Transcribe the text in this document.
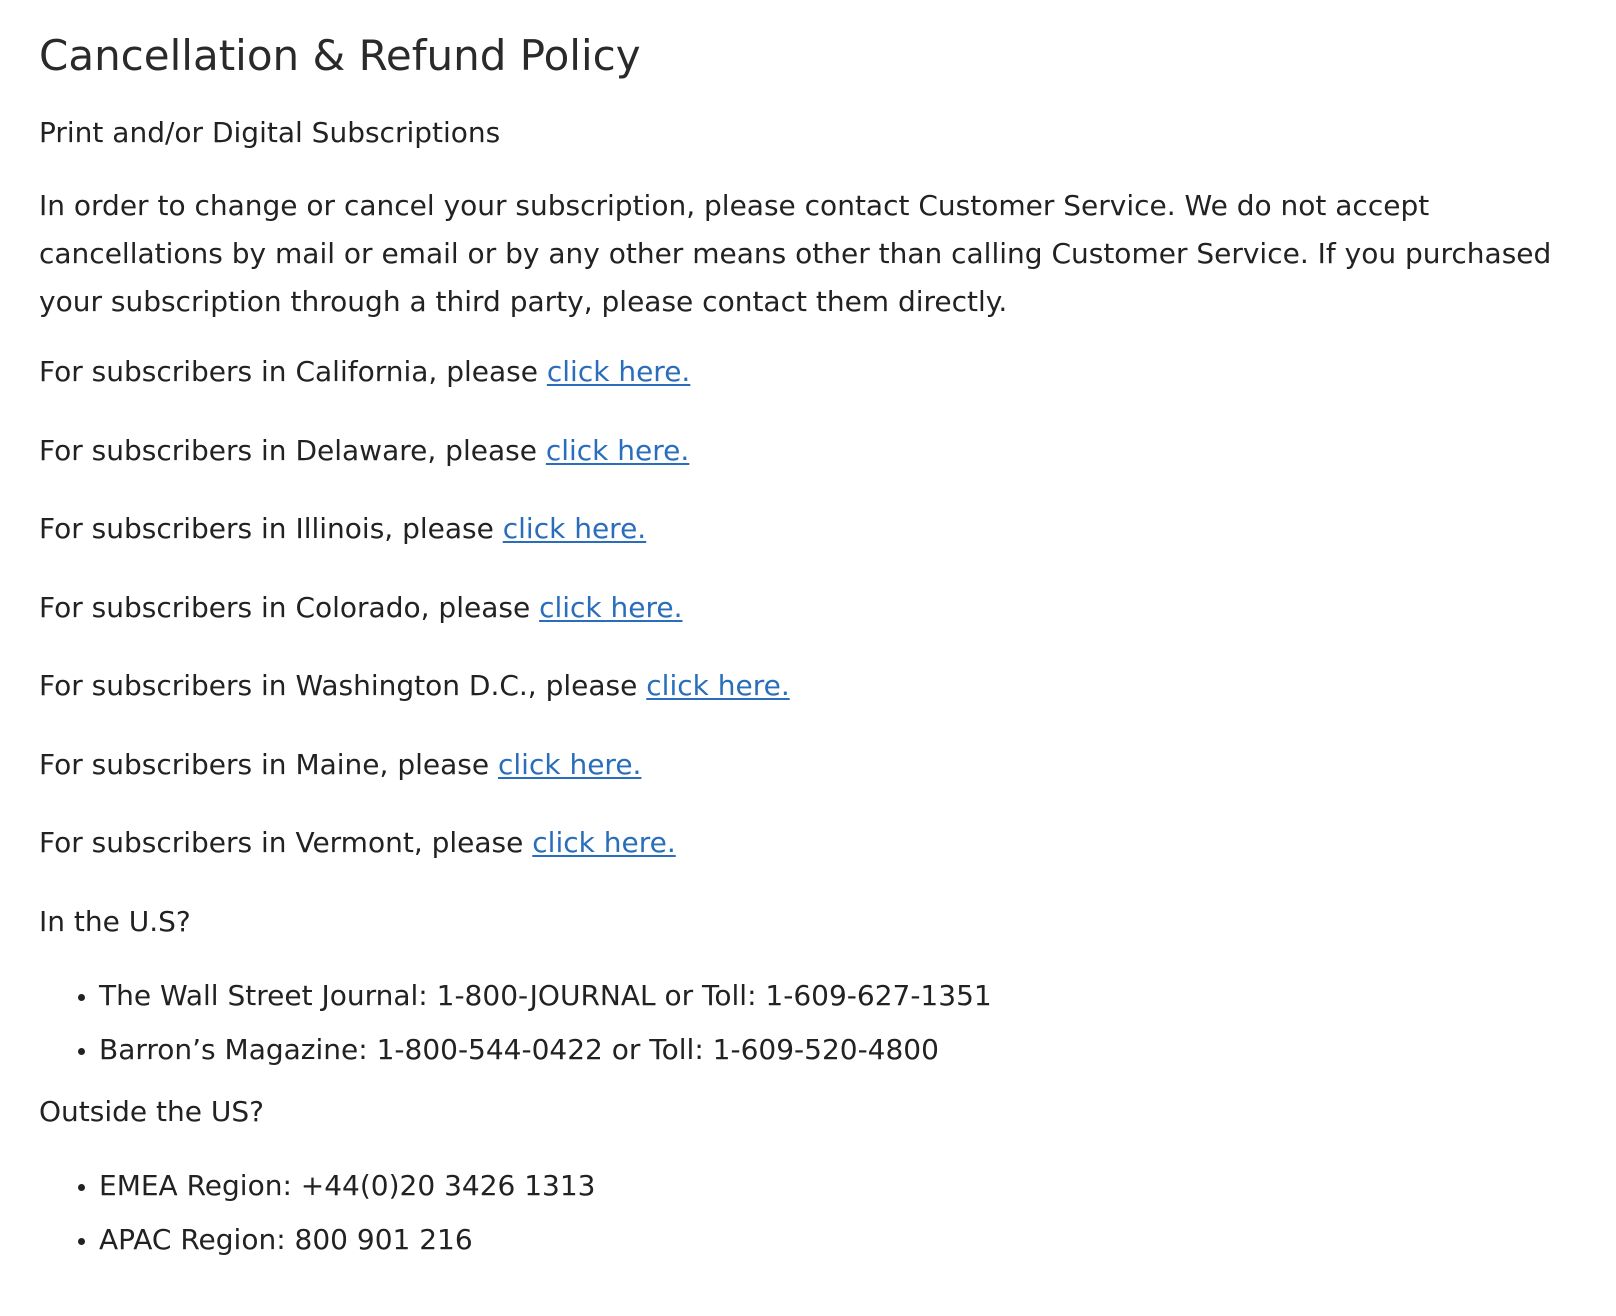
Cancellation & Refund Policy

Print and/or Digital Subscriptions

In order to change or cancel your subscription, please contact Customer Service. We do not accept cancellations by mail or email or by any other means other than calling Customer Service. If you purchased your subscription through a third party, please contact them directly.

For subscribers in California, please click here.
For subscribers in Delaware, please click here.
For subscribers in Illinois, please click here.
For subscribers in Colorado, please click here.
For subscribers in Washington D.C., please click here.
For subscribers in Maine, please click here.
For subscribers in Vermont, please click here.

In the U.S?

The Wall Street Journal: 1-800-JOURNAL or Toll: 1-609-627-1351
Barron’s Magazine: 1-800-544-0422 or Toll: 1-609-520-4800

Outside the US?

EMEA Region: +44(0)20 3426 1313
APAC Region: 800 901 216
